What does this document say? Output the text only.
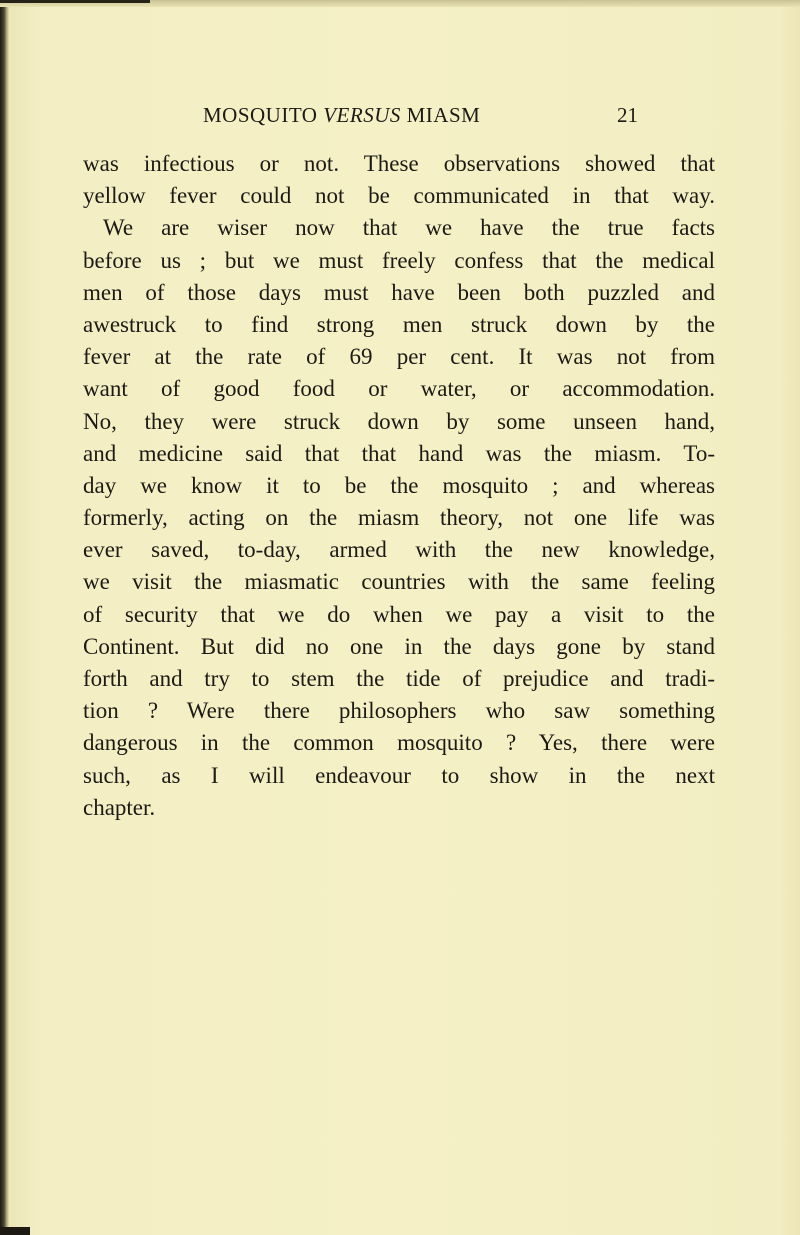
MOSQUITO VERSUS MIASM	21
was infectious or not. These observations showed that
yellow fever could not be communicated in that way.
We are wiser now that we have the true facts
before us ; but we must freely confess that the medical
men of those days must have been both puzzled and
awestruck to find strong men struck down by the
fever at the rate of 69 per cent. It was not from
want of good food or water, or accommodation.
No, they were struck down by some unseen hand,
and medicine said that that hand was the miasm. To-
day we know it to be the mosquito ; and whereas
formerly, acting on the miasm theory, not one life was
ever saved, to-day, armed with the new knowledge,
we visit the miasmatic countries with the same feeling
of security that we do when we pay a visit to the
Continent. But did no one in the days gone by stand
forth and try to stem the tide of prejudice and tradi-
tion ? Were there philosophers who saw something
dangerous in the common mosquito ? Yes, there were
such, as I will endeavour to show in the next
chapter.
